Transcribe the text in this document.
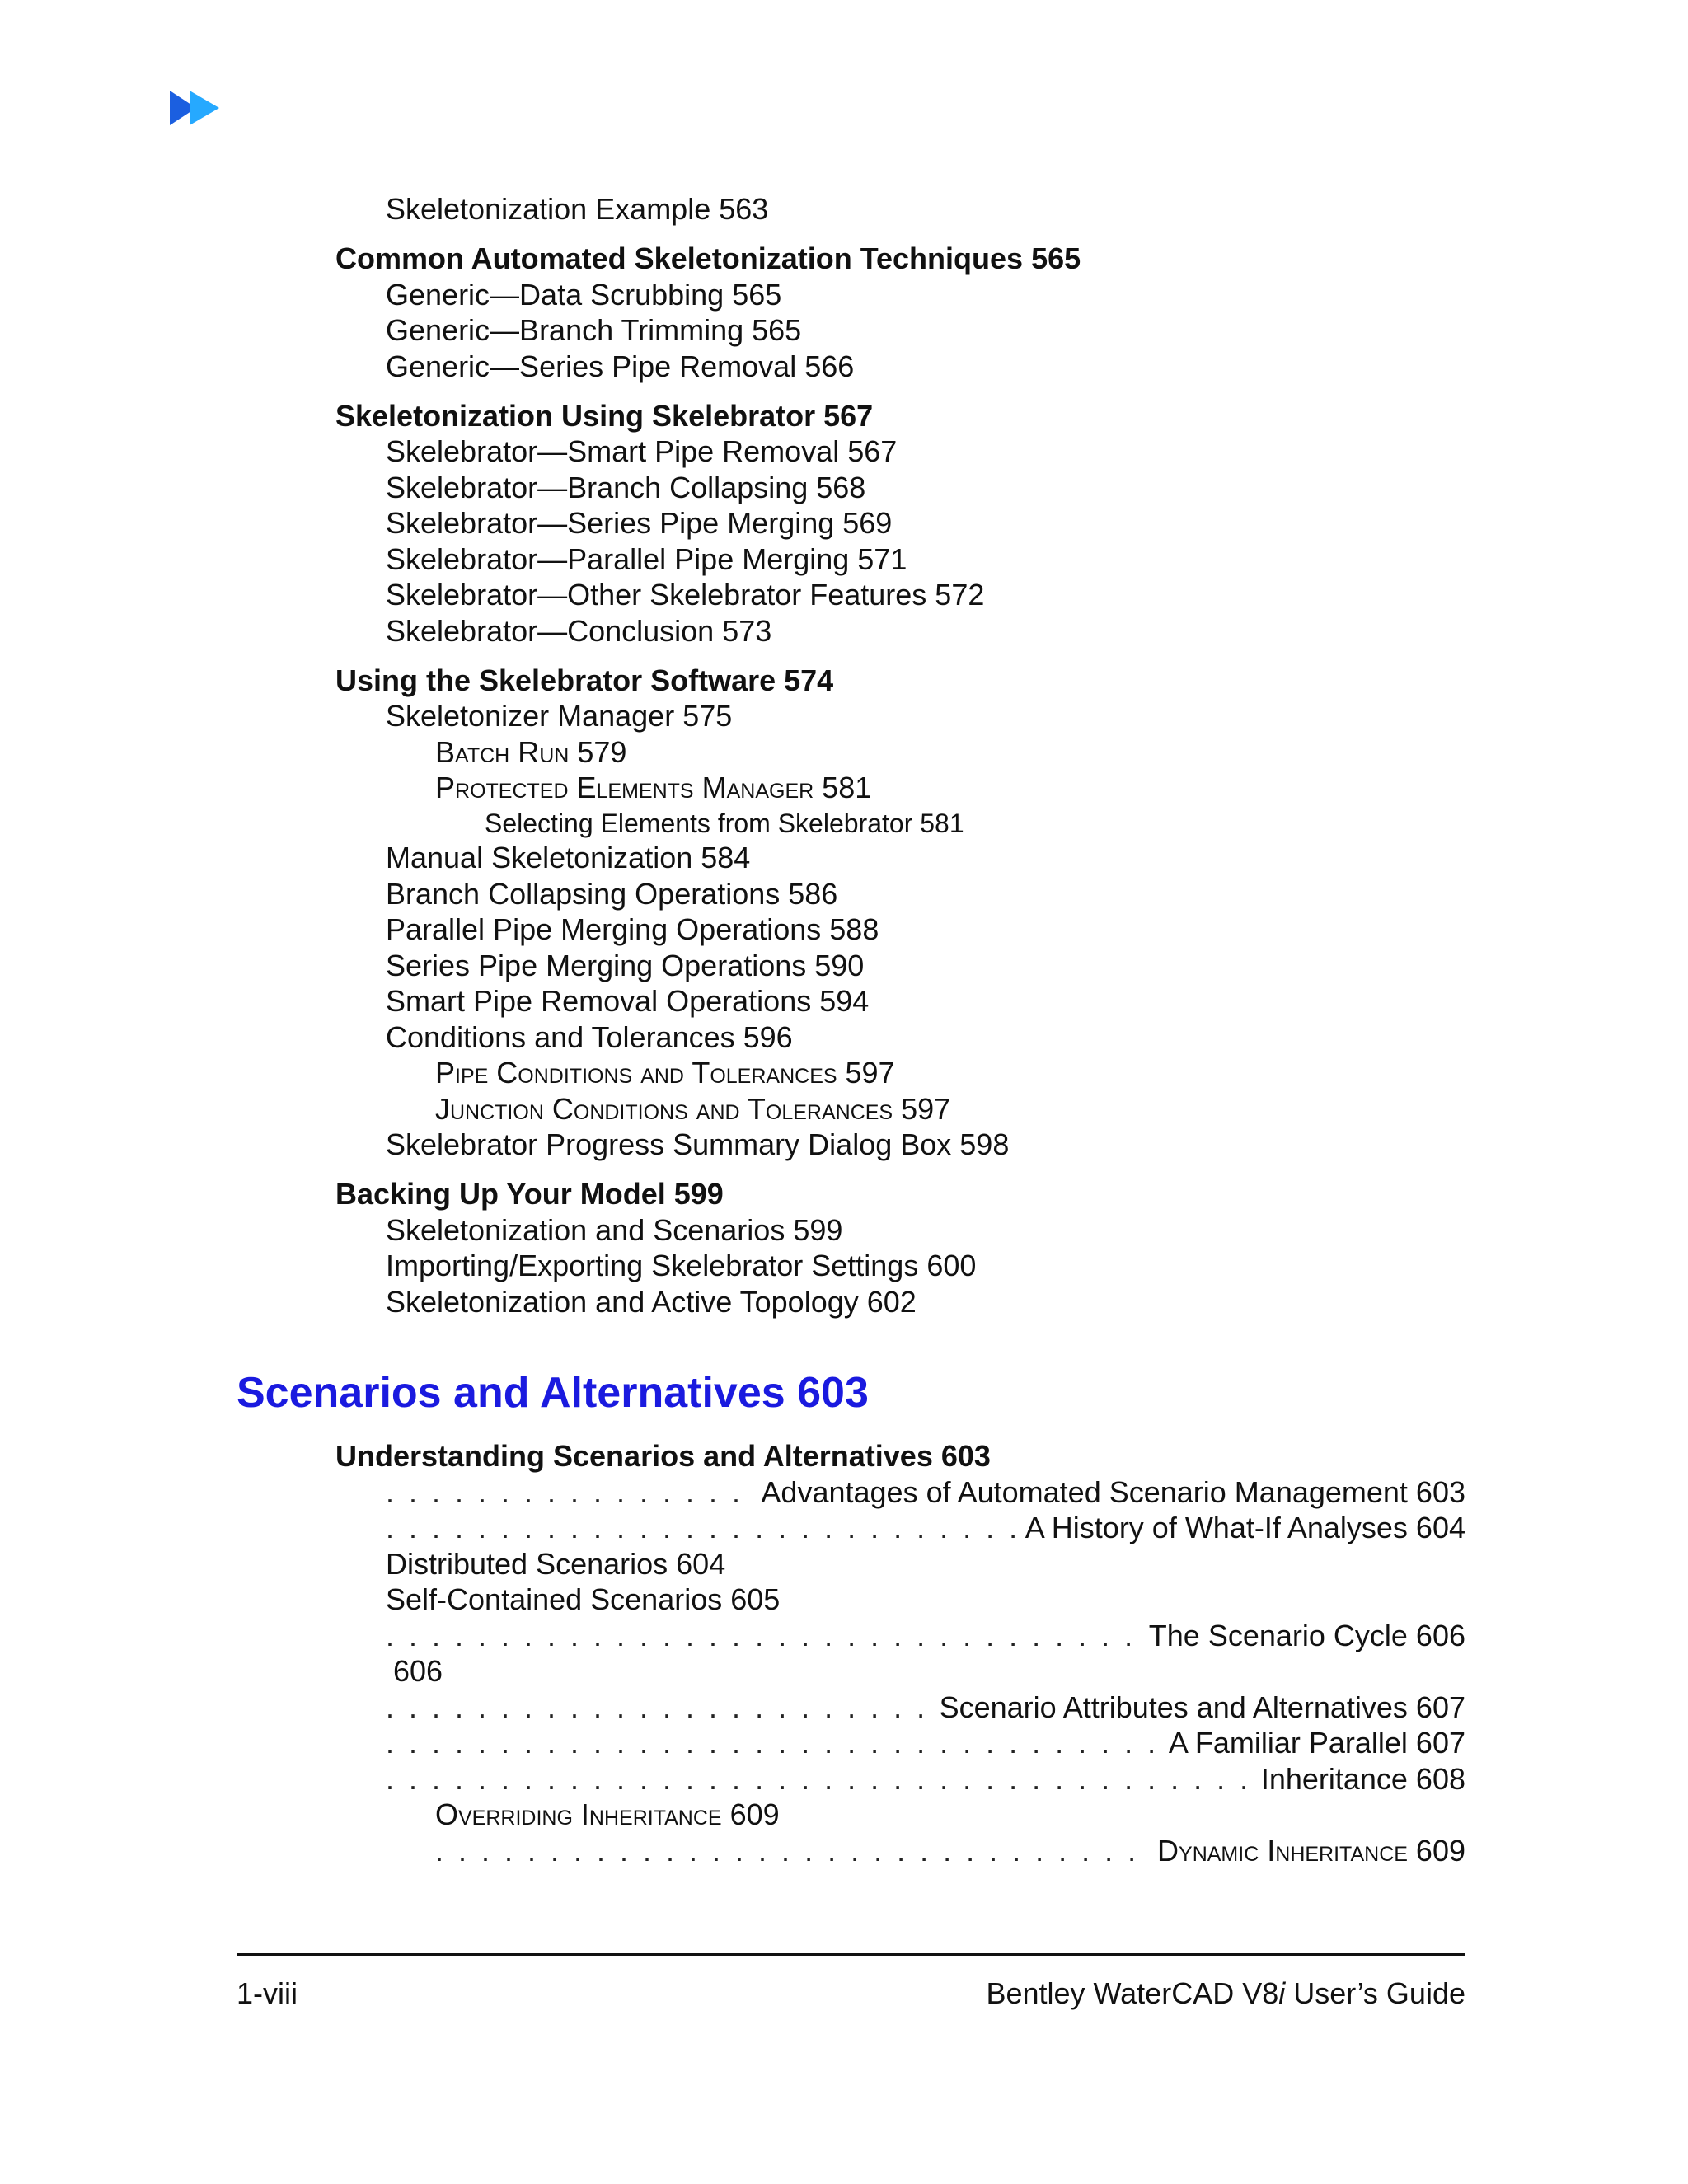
Skeletonization Example 563
Common Automated Skeletonization Techniques 565
Generic—Data Scrubbing 565
Generic—Branch Trimming 565
Generic—Series Pipe Removal 566
Skeletonization Using Skelebrator 567
Skelebrator—Smart Pipe Removal 567
Skelebrator—Branch Collapsing 568
Skelebrator—Series Pipe Merging 569
Skelebrator—Parallel Pipe Merging 571
Skelebrator—Other Skelebrator Features 572
Skelebrator—Conclusion 573
Using the Skelebrator Software 574
Skeletonizer Manager 575
Batch Run 579
Protected Elements Manager 581
Selecting Elements from Skelebrator 581
Manual Skeletonization 584
Branch Collapsing Operations 586
Parallel Pipe Merging Operations 588
Series Pipe Merging Operations 590
Smart Pipe Removal Operations 594
Conditions and Tolerances 596
Pipe Conditions and Tolerances 597
Junction Conditions and Tolerances 597
Skelebrator Progress Summary Dialog Box 598
Backing Up Your Model 599
Skeletonization and Scenarios 599
Importing/Exporting Skelebrator Settings 600
Skeletonization and Active Topology 602
Scenarios and Alternatives 603
Understanding Scenarios and Alternatives 603
. . .
Advantages of Automated Scenario Management 603
. . .
A History of What-If Analyses 604
Distributed Scenarios 604
Self-Contained Scenarios 605
. . .
The Scenario Cycle 606
606
. . .
Scenario Attributes and Alternatives 607
. . .
A Familiar Parallel 607
. . .
Inheritance 608
Overriding Inheritance 609
. . .
Dynamic Inheritance 609
1-viii	Bentley WaterCAD V8i User’s Guide
